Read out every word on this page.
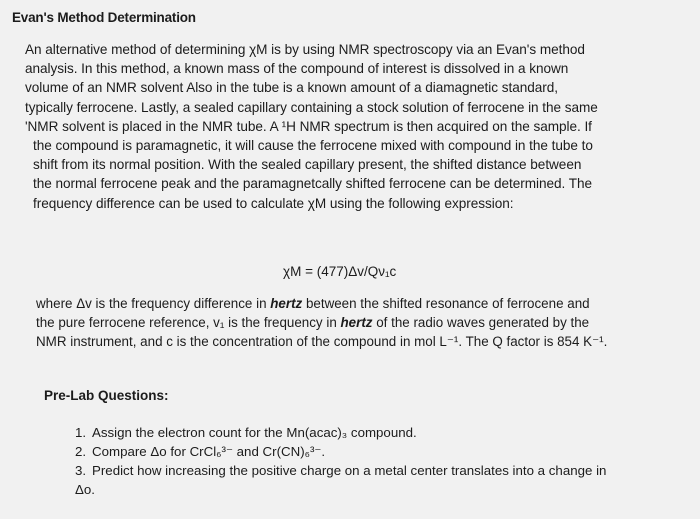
Evan's Method Determination
An alternative method of determining χM is by using NMR spectroscopy via an Evan's method
analysis. In this method, a known mass of the compound of interest is dissolved in a known
volume of an NMR solvent Also in the tube is a known amount of a diamagnetic standard,
typically ferrocene. Lastly, a sealed capillary containing a stock solution of ferrocene in the same
'NMR solvent is placed in the NMR tube. A ¹H NMR spectrum is then acquired on the sample. If
the compound is paramagnetic, it will cause the ferrocene mixed with compound in the tube to
shift from its normal position. With the sealed capillary present, the shifted distance between
the normal ferrocene peak and the paramagnetcally shifted ferrocene can be determined. The
frequency difference can be used to calculate χM using the following expression:
χM = (477)Δv/Qν₁c
where Δv is the frequency difference in hertz between the shifted resonance of ferrocene and
the pure ferrocene reference, v₁ is the frequency in hertz of the radio waves generated by the
NMR instrument, and c is the concentration of the compound in mol L⁻¹. The Q factor is 854 K⁻¹.
Pre-Lab Questions:
1. Assign the electron count for the Mn(acac)₃ compound.
2. Compare Δo for CrCl₆³⁻ and Cr(CN)₆³⁻.
3. Predict how increasing the positive charge on a metal center translates into a change in
Δo.
